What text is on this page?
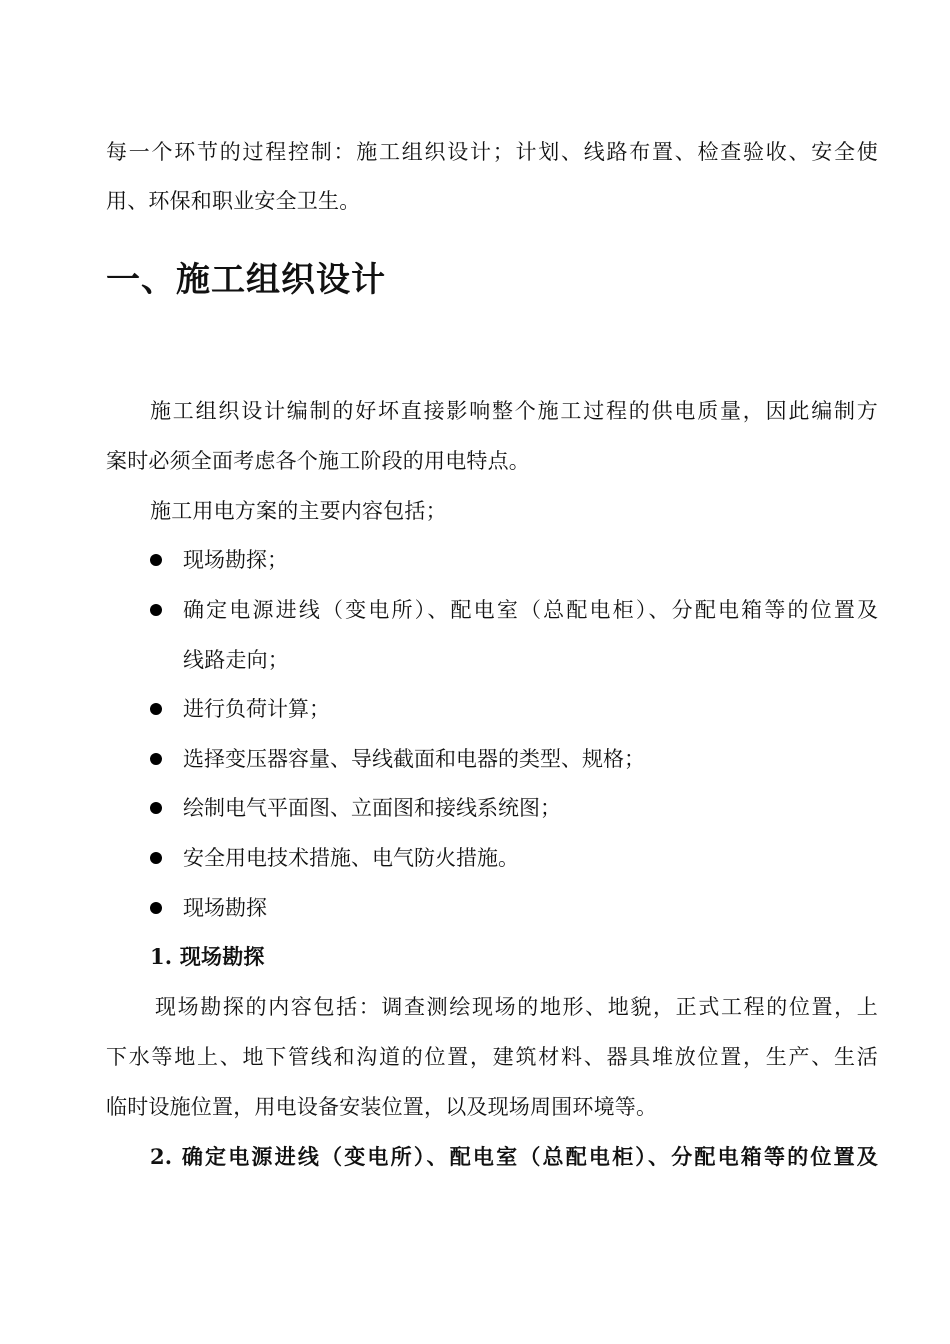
每一个环节的过程控制：施工组织设计；计划、线路布置、检查验收、安全使
用、环保和职业安全卫生。
一、施工组织设计
施工组织设计编制的好坏直接影响整个施工过程的供电质量，因此编制方
案时必须全面考虑各个施工阶段的用电特点。
施工用电方案的主要内容包括；
现场勘探；
确定电源进线（变电所）、配电室（总配电柜）、分配电箱等的位置及
线路走向；
进行负荷计算；
选择变压器容量、导线截面和电器的类型、规格；
绘制电气平面图、立面图和接线系统图；
安全用电技术措施、电气防火措施。
现场勘探
1. 现场勘探
现场勘探的内容包括：调查测绘现场的地形、地貌，正式工程的位置，上
下水等地上、地下管线和沟道的位置，建筑材料、器具堆放位置，生产、生活
临时设施位置，用电设备安装位置，以及现场周围环境等。
2. 确定电源进线（变电所）、配电室（总配电柜）、分配电箱等的位置及
